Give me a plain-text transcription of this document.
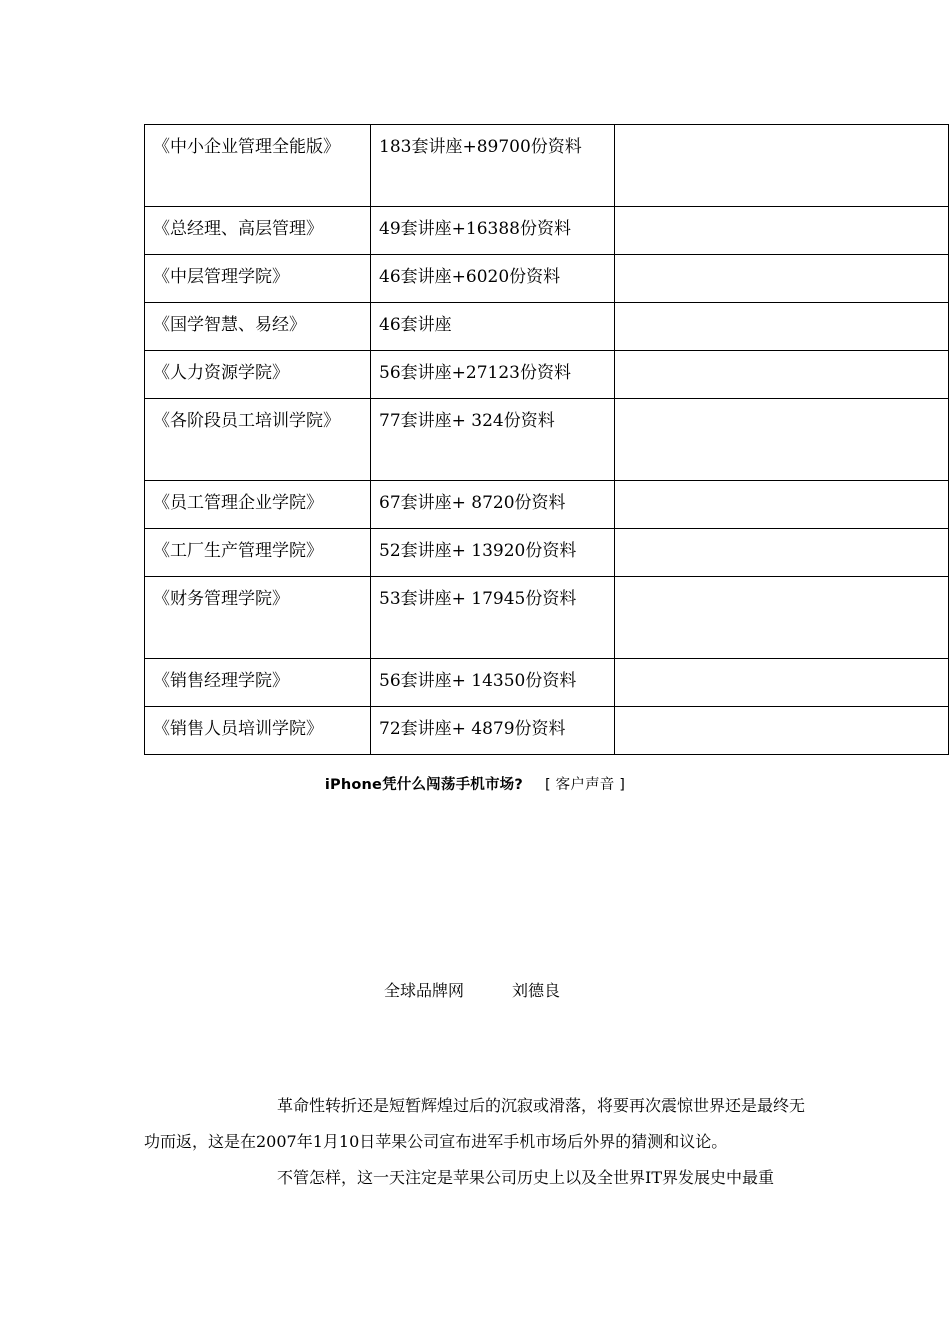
《中小企业管理全能版》	183套讲座+89700份资料	
《总经理、高层管理》	49套讲座+16388份资料	
《中层管理学院》	46套讲座+6020份资料	
《国学智慧、易经》	46套讲座	
《人力资源学院》	56套讲座+27123份资料	
《各阶段员工培训学院》	77套讲座+ 324份资料	
《员工管理企业学院》	67套讲座+ 8720份资料	
《工厂生产管理学院》	52套讲座+ 13920份资料	
《财务管理学院》	53套讲座+ 17945份资料	
《销售经理学院》	56套讲座+ 14350份资料	
《销售人员培训学院》	72套讲座+ 4879份资料	
iPhone凭什么闯荡手机市场? [ 客户声音 ]
全球品牌网	刘德良

革命性转折还是短暂辉煌过后的沉寂或滑落，将要再次震惊世界还是最终无功而返，这是在2007年1月10日苹果公司宣布进军手机市场后外界的猜测和议论。

不管怎样，这一天注定是苹果公司历史上以及全世界IT界发展史中最重
